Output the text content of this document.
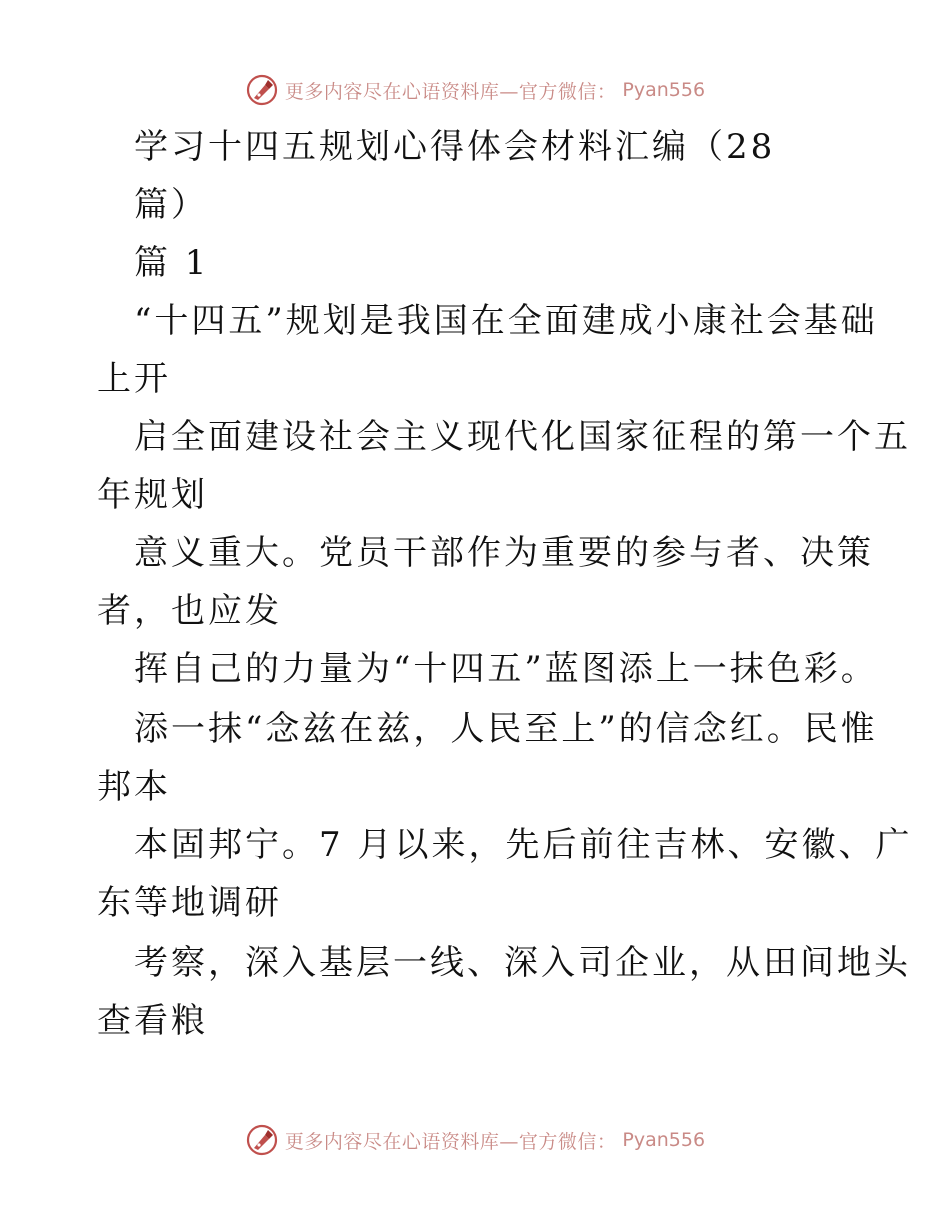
更多内容尽在心语资料库—官方微信： Pyan556
学习十四五规划心得体会材料汇编（28
篇）
篇 1
“十四五”规划是我国在全面建成小康社会基础
上开
启全面建设社会主义现代化国家征程的第一个五
年规划
意义重大。党员干部作为重要的参与者、决策
者，也应发
挥自己的力量为“十四五”蓝图添上一抹色彩。
添一抹“念兹在兹，人民至上”的信念红。民惟
邦本
本固邦宁。7 月以来，先后前往吉林、安徽、广
东等地调研
考察，深入基层一线、深入司企业，从田间地头
查看粮
更多内容尽在心语资料库—官方微信： Pyan556
